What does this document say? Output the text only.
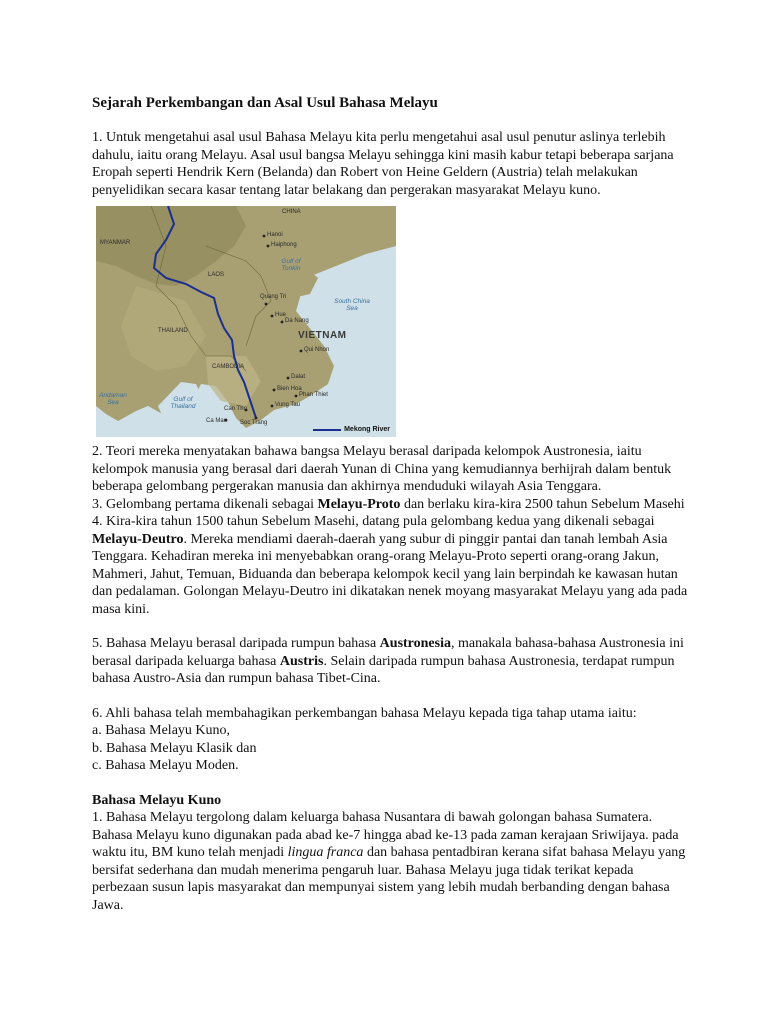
Sejarah Perkembangan dan Asal Usul Bahasa Melayu

1. Untuk mengetahui asal usul Bahasa Melayu kita perlu mengetahui asal usul penutur aslinya terlebih dahulu, iaitu orang Melayu. Asal usul bangsa Melayu sehingga kini masih kabur tetapi beberapa sarjana Eropah seperti Hendrik Kern (Belanda) dan Robert von Heine Geldern (Austria) telah melakukan penyelidikan secara kasar tentang latar belakang dan pergerakan masyarakat Melayu kuno.

CHINA
MYANMAR
LAOS
THAILAND	VIETNAM
CAMBODIA
South China Sea
Gulf of Tonkin
Gulf of Thailand
Andaman Sea
Hanoi
Haiphong
Quang Tri
Hue
Da Nang
Qui Nhon
Dalat
Bien Hoa
Phan Thiet
Vung Tau
Can Tho
Ca Mau Soc Trang
Mekong River

2. Teori mereka menyatakan bahawa bangsa Melayu berasal daripada kelompok Austronesia, iaitu kelompok manusia yang berasal dari daerah Yunan di China yang kemudiannya berhijrah dalam bentuk beberapa gelombang pergerakan manusia dan akhirnya menduduki wilayah Asia Tenggara.

3. Gelombang pertama dikenali sebagai Melayu-Proto dan berlaku kira-kira 2500 tahun Sebelum Masehi

4. Kira-kira tahun 1500 tahun Sebelum Masehi, datang pula gelombang kedua yang dikenali sebagai Melayu-Deutro. Mereka mendiami daerah-daerah yang subur di pinggir pantai dan tanah lembah Asia Tenggara. Kehadiran mereka ini menyebabkan orang-orang Melayu-Proto seperti orang-orang Jakun, Mahmeri, Jahut, Temuan, Biduanda dan beberapa kelompok kecil yang lain berpindah ke kawasan hutan dan pedalaman. Golongan Melayu-Deutro ini dikatakan nenek moyang masyarakat Melayu yang ada pada masa kini.

5. Bahasa Melayu berasal daripada rumpun bahasa Austronesia, manakala bahasa-bahasa Austronesia ini berasal daripada keluarga bahasa Austris. Selain daripada rumpun bahasa Austronesia, terdapat rumpun bahasa Austro-Asia dan rumpun bahasa Tibet-Cina.

6. Ahli bahasa telah membahagikan perkembangan bahasa Melayu kepada tiga tahap utama iaitu:

a. Bahasa Melayu Kuno,

b. Bahasa Melayu Klasik dan

c. Bahasa Melayu Moden.

Bahasa Melayu Kuno

1. Bahasa Melayu tergolong dalam keluarga bahasa Nusantara di bawah golongan bahasa Sumatera. Bahasa Melayu kuno digunakan pada abad ke-7 hingga abad ke-13 pada zaman kerajaan Sriwijaya. pada waktu itu, BM kuno telah menjadi lingua franca dan bahasa pentadbiran kerana sifat bahasa Melayu yang bersifat sederhana dan mudah menerima pengaruh luar. Bahasa Melayu juga tidak terikat kepada perbezaan susun lapis masyarakat dan mempunyai sistem yang lebih mudah berbanding dengan bahasa Jawa.
